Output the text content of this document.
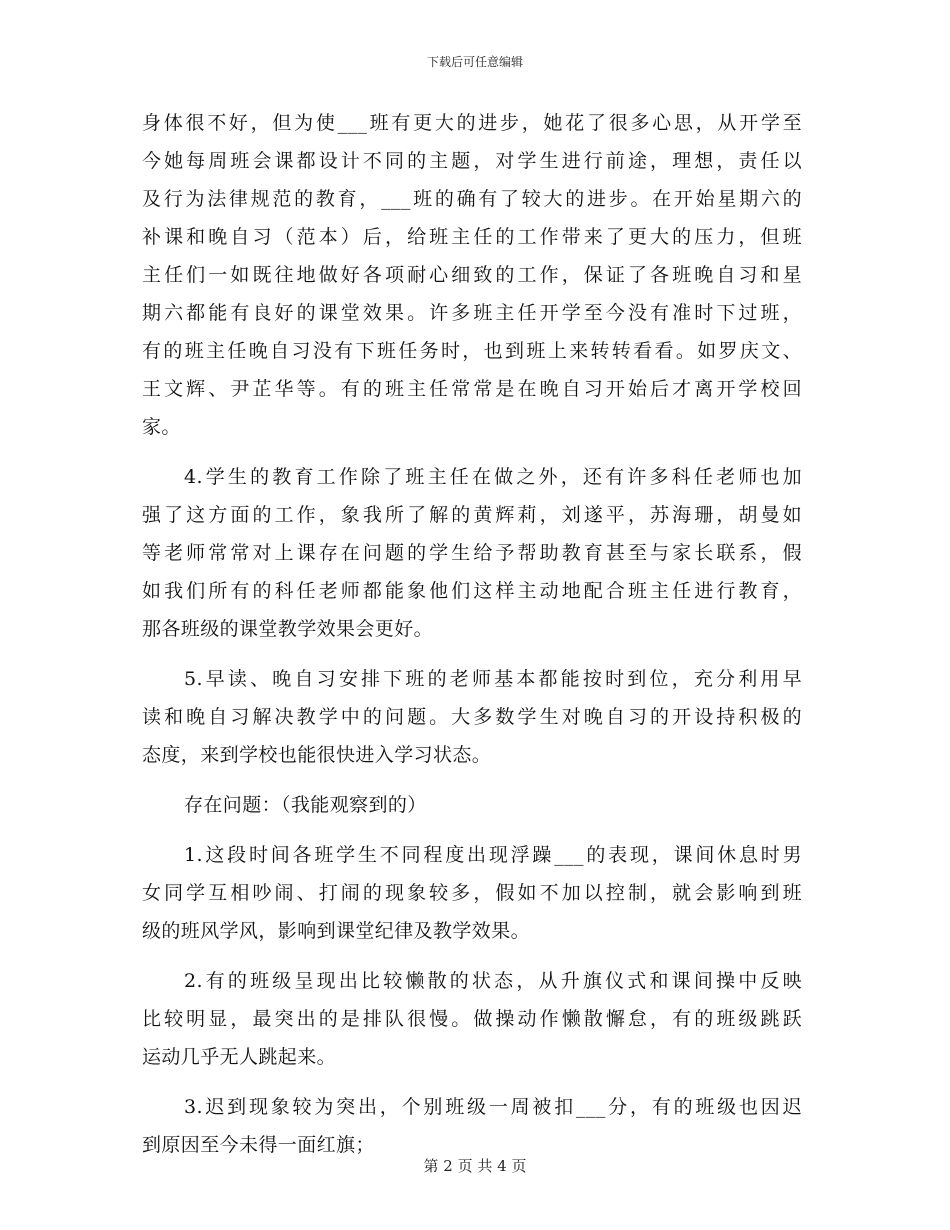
下载后可任意编辑
身体很不好，但为使___班有更大的进步，她花了很多心思，从开学至
今她每周班会课都设计不同的主题，对学生进行前途，理想，责任以
及行为法律规范的教育，___班的确有了较大的进步。在开始星期六的
补课和晚自习（范本）后，给班主任的工作带来了更大的压力，但班
主任们一如既往地做好各项耐心细致的工作，保证了各班晚自习和星
期六都能有良好的课堂效果。许多班主任开学至今没有准时下过班，
有的班主任晚自习没有下班任务时，也到班上来转转看看。如罗庆文、
王文辉、尹芷华等。有的班主任常常是在晚自习开始后才离开学校回
家。
4.学生的教育工作除了班主任在做之外，还有许多科任老师也加
强了这方面的工作，象我所了解的黄辉莉，刘遂平，苏海珊，胡曼如
等老师常常对上课存在问题的学生给予帮助教育甚至与家长联系，假
如我们所有的科任老师都能象他们这样主动地配合班主任进行教育，
那各班级的课堂教学效果会更好。
5.早读、晚自习安排下班的老师基本都能按时到位，充分利用早
读和晚自习解决教学中的问题。大多数学生对晚自习的开设持积极的
态度，来到学校也能很快进入学习状态。
存在问题：（我能观察到的）
1.这段时间各班学生不同程度出现浮躁___的表现，课间休息时男
女同学互相吵闹、打闹的现象较多，假如不加以控制，就会影响到班
级的班风学风，影响到课堂纪律及教学效果。
2.有的班级呈现出比较懒散的状态，从升旗仪式和课间操中反映
比较明显，最突出的是排队很慢。做操动作懒散懈怠，有的班级跳跃
运动几乎无人跳起来。
3.迟到现象较为突出，个别班级一周被扣___分，有的班级也因迟
到原因至今未得一面红旗；
第 2 页 共 4 页
